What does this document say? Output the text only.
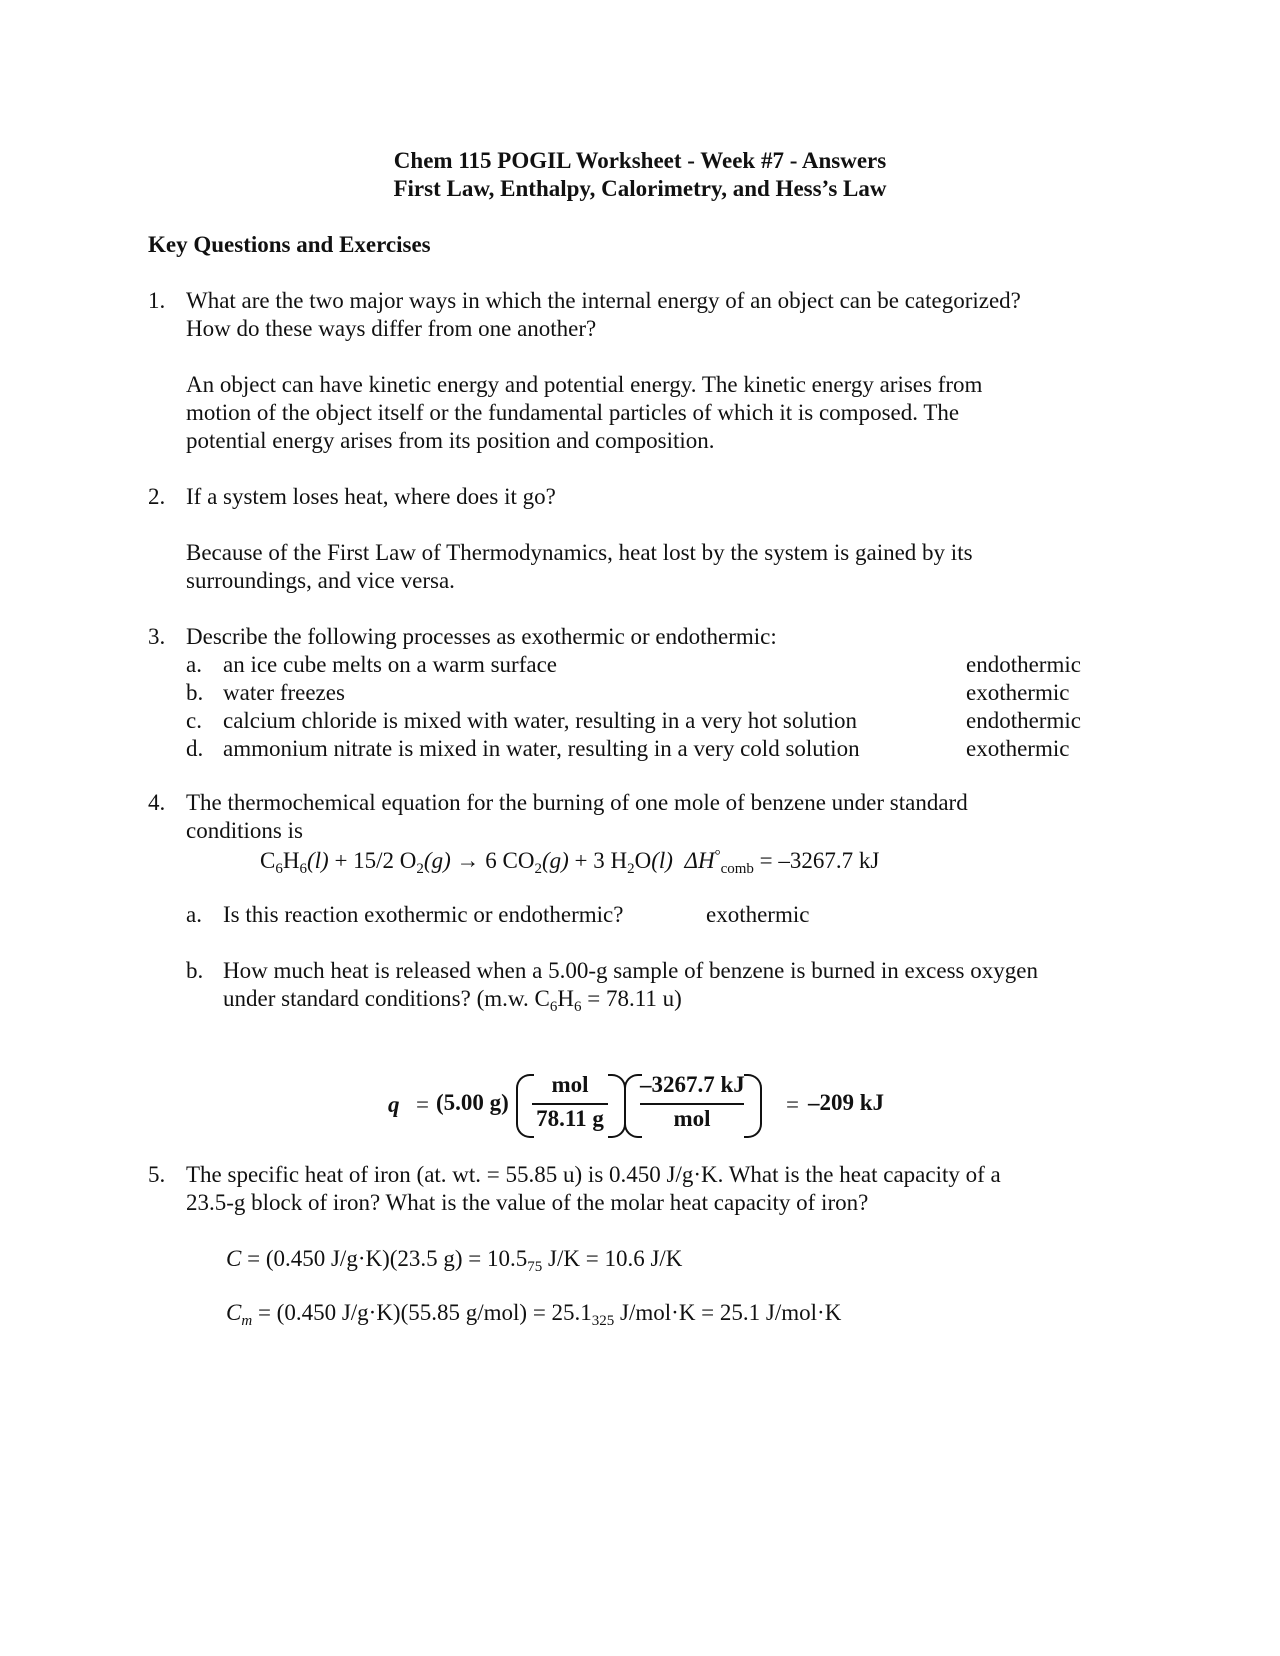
Chem 115 POGIL Worksheet - Week #7 - Answers
First Law, Enthalpy, Calorimetry, and Hess’s Law
Key Questions and Exercises
1. What are the two major ways in which the internal energy of an object can be categorized?
How do these ways differ from one another?
An object can have kinetic energy and potential energy. The kinetic energy arises from
motion of the object itself or the fundamental particles of which it is composed. The
potential energy arises from its position and composition.
2. If a system loses heat, where does it go?
Because of the First Law of Thermodynamics, heat lost by the system is gained by its
surroundings, and vice versa.
3. Describe the following processes as exothermic or endothermic:
a. an ice cube melts on a warm surface	endothermic
b. water freezes	exothermic
c. calcium chloride is mixed with water, resulting in a very hot solution	endothermic
d. ammonium nitrate is mixed in water, resulting in a very cold solution	exothermic
4. The thermochemical equation for the burning of one mole of benzene under standard
conditions is
$C_6H_6(l) + 15/2$ $O_2(g) \to 6$ $CO_2(g) + 3$ $H_2O(l) \Delta H^\circ_{comb} = -3267.7$ kJ
a. Is this reaction exothermic or endothermic?	exothermic
b. How much heat is released when a 5.00-g sample of benzene is burned in excess oxygen
under standard conditions? (m.w. $C_6H_6 = 78.11$ u)
q = (5.00 g)
mol
78.11 g
–3267.7 kJ
mol
= –209 kJ
5. The specific heat of iron (at. wt. = 55.85 u) is 0.450 J/g·K. What is the heat capacity of a
23.5-g block of iron? What is the value of the molar heat capacity of iron?
C = (0.450 J/g·K)(23.5 $g) = 10.5_{75}$ J/K = 10.6 J/K
$C_m = (0.450$ J/g·K)(55.85 $g/mol) = 25.1_{325}$ J/mol·K = 25.1 J/mol·K
